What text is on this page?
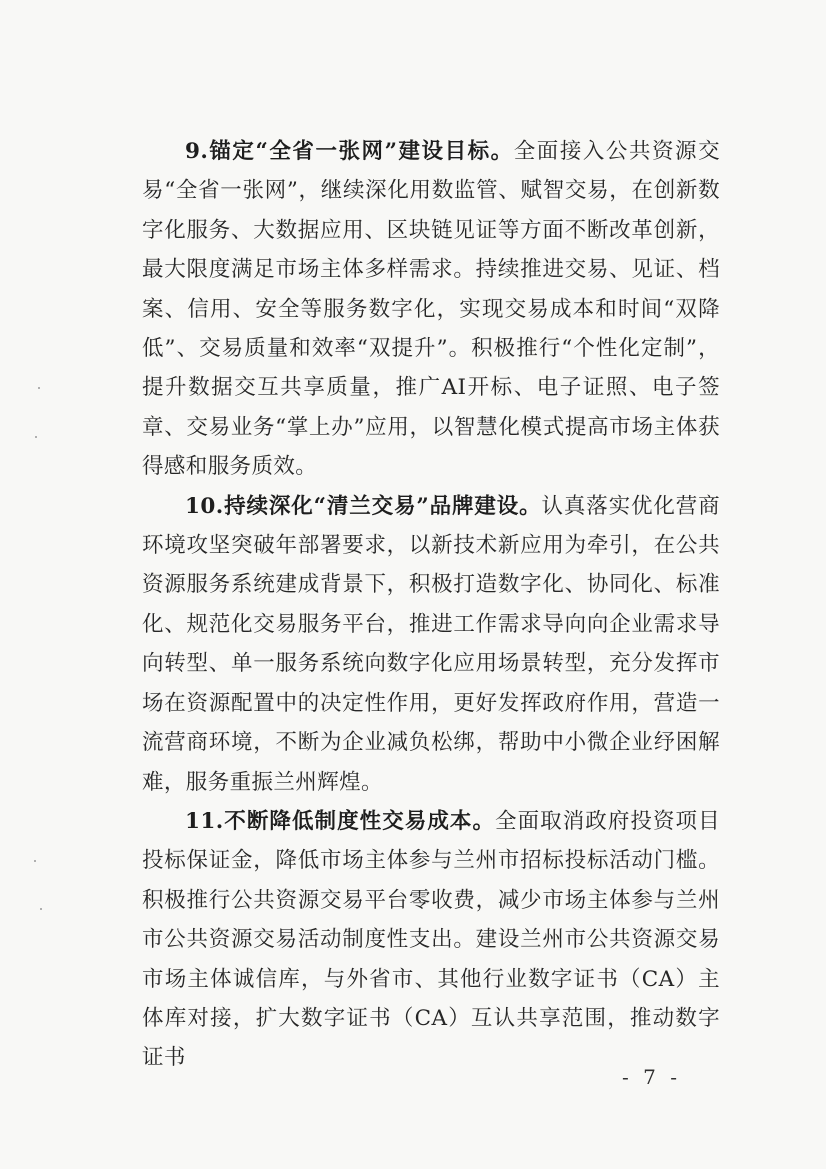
9.锚定“全省一张网”建设目标。全面接入公共资源交易“全省一张网”，继续深化用数监管、赋智交易，在创新数字化服务、大数据应用、区块链见证等方面不断改革创新，最大限度满足市场主体多样需求。持续推进交易、见证、档案、信用、安全等服务数字化，实现交易成本和时间“双降低”、交易质量和效率“双提升”。积极推行“个性化定制”，提升数据交互共享质量，推广AI开标、电子证照、电子签章、交易业务“掌上办”应用，以智慧化模式提高市场主体获得感和服务质效。

10.持续深化“清兰交易”品牌建设。认真落实优化营商环境攻坚突破年部署要求，以新技术新应用为牵引，在公共资源服务系统建成背景下，积极打造数字化、协同化、标准化、规范化交易服务平台，推进工作需求导向向企业需求导向转型、单一服务系统向数字化应用场景转型，充分发挥市场在资源配置中的决定性作用，更好发挥政府作用，营造一流营商环境，不断为企业减负松绑，帮助中小微企业纾困解难，服务重振兰州辉煌。

11.不断降低制度性交易成本。全面取消政府投资项目投标保证金，降低市场主体参与兰州市招标投标活动门槛。积极推行公共资源交易平台零收费，减少市场主体参与兰州市公共资源交易活动制度性支出。建设兰州市公共资源交易市场主体诚信库，与外省市、其他行业数字证书（CA）主体库对接，扩大数字证书（CA）互认共享范围，推动数字证书

- 7 -
